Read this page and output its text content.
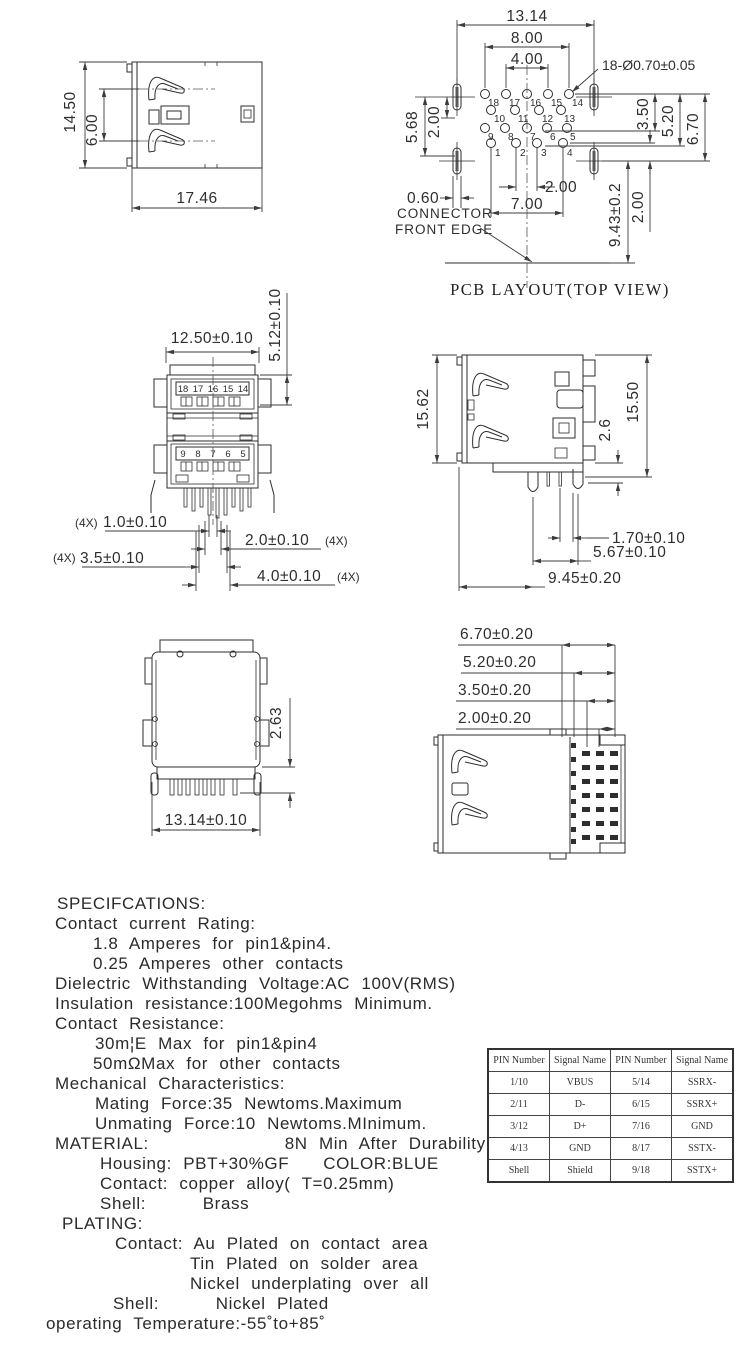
14.50 6.00
17.46
18 17 16 15 14
10 11 12 13
9 8 7 6 5
1 2 3 4
13.14
8.00
4.00	18-Ø0.70±0.05
5.68 2.00	3.50 5.20 6.70
2.00
7.00
0.60
CONNECTOR
FRONT EDGE	9.43±0.2 2.00
PCB LAYOUT(TOP VIEW)
18 17 16 15 14
9 8 7 6 5
12.50±0.10 5.12±0.10
(4X) 1.0±0.10
2.0±0.10 (4X)
(4X) 3.5±0.10
4.0±0.10 (4X)
15.62	15.50
2.6
1.70±0.10
5.67±0.10
9.45±0.20
2.63
13.14±0.10
6.70±0.20
5.20±0.20
3.50±0.20
2.00±0.20
SPECIFCATIONS:
Contact current Rating:
1.8 Amperes for pin1&pin4.
0.25 Amperes other contacts
Dielectric Withstanding Voltage:AC 100V(RMS)
Insulation resistance:100Megohms Minimum.
Contact Resistance:
30m¦E Max for pin1&pin4
50mΩMax for other contacts
Mechanical Characteristics:
Mating Force:35 Newtoms.Maximum
Unmating Force:10 Newtoms.MInimum.
MATERIAL:            8N Min After Durability
Housing: PBT+30%GF   COLOR:BLUE
Contact: copper alloy( T=0.25mm)
Shell:     Brass
PLATING:
Contact: Au Plated on contact area
Tin Plated on solder area
Nickel underplating over all
Shell:     Nickel Plated
operating Temperature:-55˚to+85˚
PIN Number	Signal Name	PIN Number	Signal Name
1/10	VBUS	5/14	SSRX-
2/11	D-	6/15	SSRX+
3/12	D+	7/16	GND
4/13	GND	8/17	SSTX-
Shell	Shield	9/18	SSTX+
